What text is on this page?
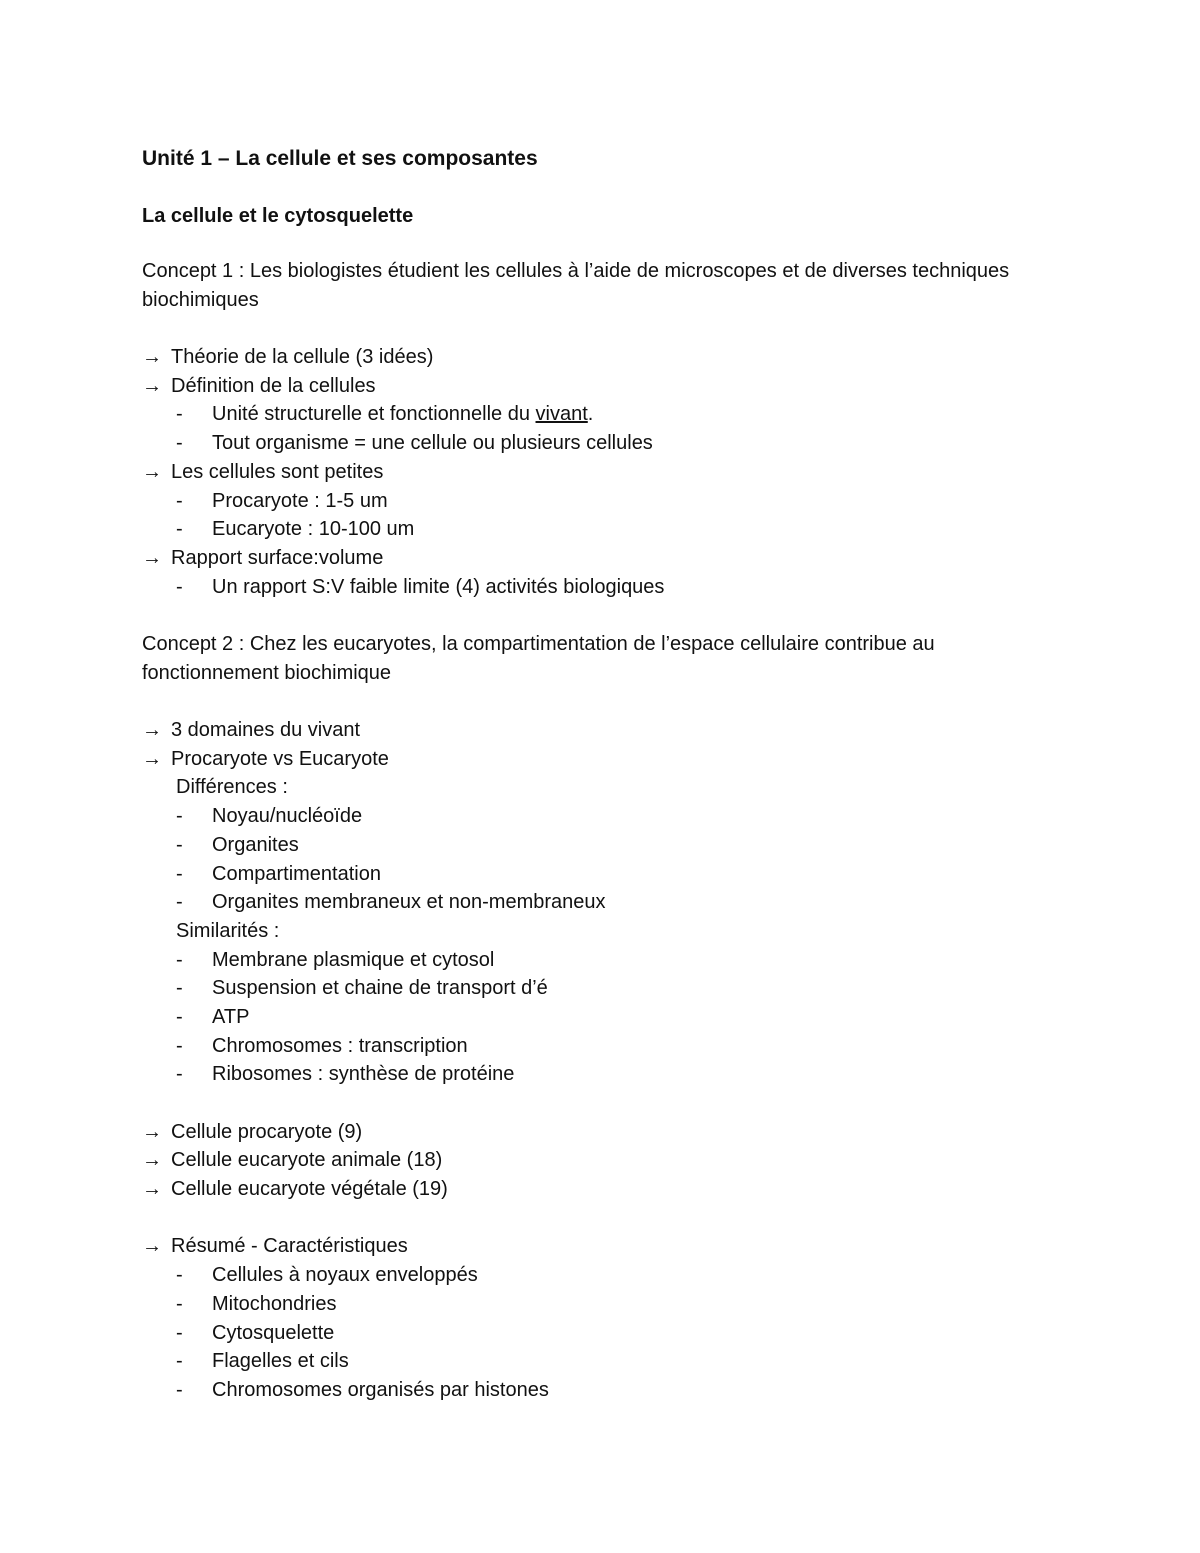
Unité 1 – La cellule et ses composantes
La cellule et le cytosquelette
Concept 1 : Les biologistes étudient les cellules à l’aide de microscopes et de diverses techniques biochimiques
→ Théorie de la cellule (3 idées)
→ Définition de la cellules
- Unité structurelle et fonctionnelle du vivant.
- Tout organisme = une cellule ou plusieurs cellules
→ Les cellules sont petites
- Procaryote : 1-5 um
- Eucaryote : 10-100 um
→ Rapport surface:volume
- Un rapport S:V faible limite (4) activités biologiques
Concept 2 : Chez les eucaryotes, la compartimentation de l’espace cellulaire contribue au fonctionnement biochimique
→ 3 domaines du vivant
→ Procaryote vs Eucaryote
Différences :
- Noyau/nucléoïde
- Organites
- Compartimentation
- Organites membraneux et non-membraneux
Similarités :
- Membrane plasmique et cytosol
- Suspension et chaine de transport d’é
- ATP
- Chromosomes : transcription
- Ribosomes : synthèse de protéine
→ Cellule procaryote (9)
→ Cellule eucaryote animale (18)
→ Cellule eucaryote végétale (19)
→ Résumé - Caractéristiques
- Cellules à noyaux enveloppés
- Mitochondries
- Cytosquelette
- Flagelles et cils
- Chromosomes organisés par histones
